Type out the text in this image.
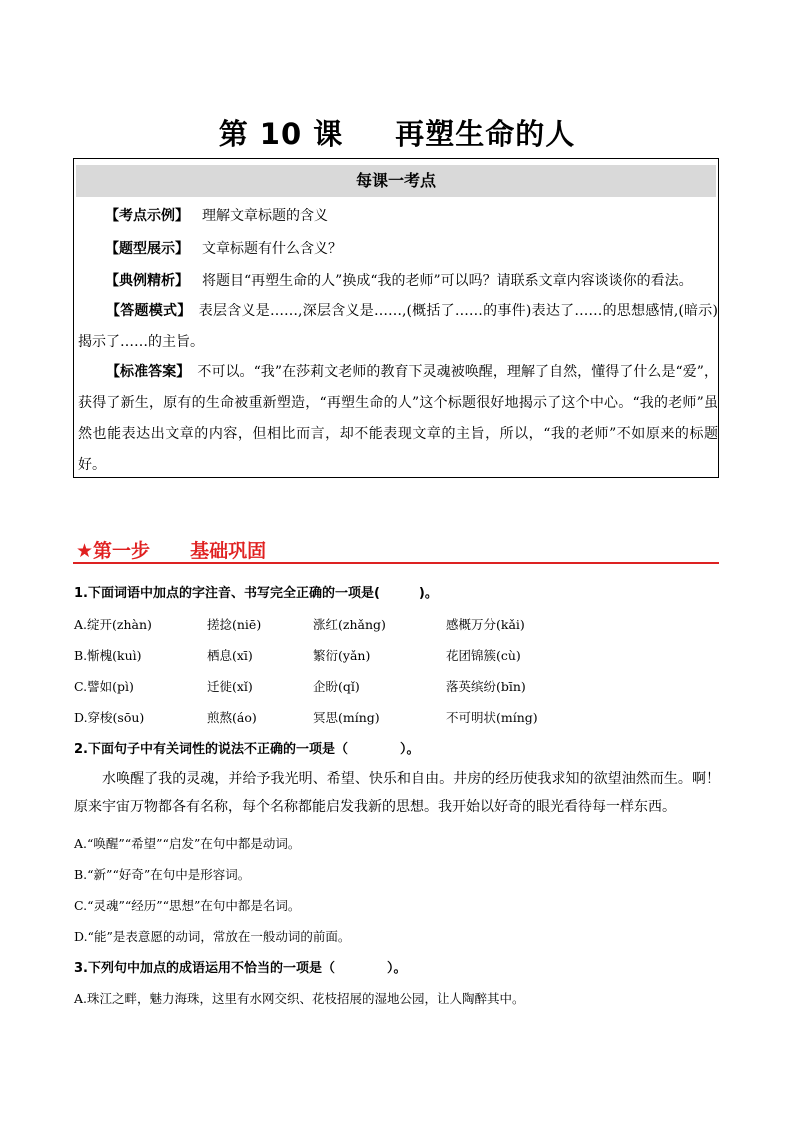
第 10 课 再塑生命的人
每课一考点
【考点示例】 理解文章标题的含义
【题型展示】 文章标题有什么含义？
【典例精析】 将题目“再塑生命的人”换成“我的老师”可以吗？请联系文章内容谈谈你的看法。
【答题模式】　 表层含义是……,深层含义是……,(概括了……的事件)表达了……的思想感情,(暗示)揭示了……的主旨。
【标准答案】　 不可以。“我”在莎莉文老师的教育下灵魂被唤醒，理解了自然，懂得了什么是“爱”，获得了新生，原有的生命被重新塑造，“再塑生命的人”这个标题很好地揭示了这个中心。“我的老师”虽然也能表达出文章的内容，但相比而言，却不能表现文章的主旨，所以，“我的老师”不如原来的标题好。
★第一步 基础巩固
1.下面词语中加点的字注音、书写完全正确的一项是(　　　)。
A.绽开(zhàn)	搓捻(niē)	涨红(zhǎng)	感概万分(kǎi)
B.惭槐(kuì)	栖息(xī)	繁衍(yǎn)	花团锦簇(cù)
C.譬如(pì)	迁徙(xǐ)	企盼(qǐ)	落英缤纷(bīn)
D.穿梭(sōu)	煎熬(áo)	冥思(míng)	不可明状(míng)
2.下面句子中有关词性的说法不正确的一项是（　　　　）。
水唤醒了我的灵魂，并给予我光明、希望、快乐和自由。井房的经历使我求知的欲望油然而生。啊！原来宇宙万物都各有名称，每个名称都能启发我新的思想。我开始以好奇的眼光看待每一样东西。
A.“唤醒”“希望”“启发”在句中都是动词。
B.“新”“好奇”在句中是形容词。
C.“灵魂”“经历”“思想”在句中都是名词。
D.“能”是表意愿的动词，常放在一般动词的前面。
3.下列句中加点的成语运用不恰当的一项是（　　　　）。
A.珠江之畔，魅力海珠，这里有水网交织、花枝招展的湿地公园，让人陶醉其中。
